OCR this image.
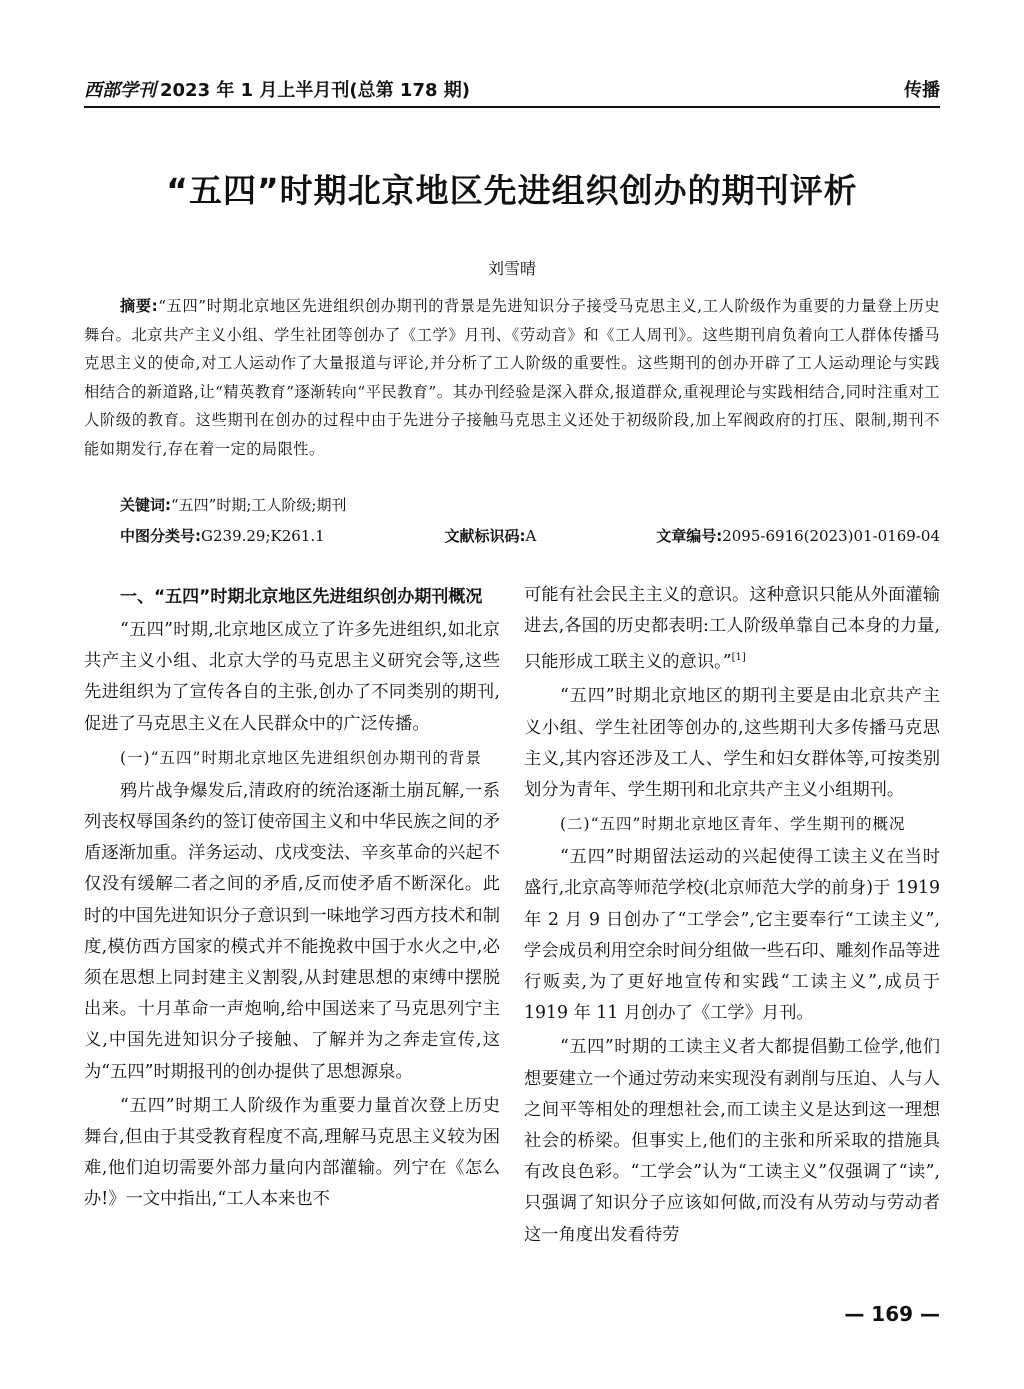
西部学刊 2023 年 1 月上半月刊(总第 178 期)	传播
“五四”时期北京地区先进组织创办的期刊评析
刘雪晴
摘要:“五四”时期北京地区先进组织创办期刊的背景是先进知识分子接受马克思主义,工人阶级作为重要的力量登上历史舞台。北京共产主义小组、学生社团等创办了《工学》月刊、《劳动音》和《工人周刊》。这些期刊肩负着向工人群体传播马克思主义的使命,对工人运动作了大量报道与评论,并分析了工人阶级的重要性。这些期刊的创办开辟了工人运动理论与实践相结合的新道路,让“精英教育”逐渐转向“平民教育”。其办刊经验是深入群众,报道群众,重视理论与实践相结合,同时注重对工人阶级的教育。这些期刊在创办的过程中由于先进分子接触马克思主义还处于初级阶段,加上军阀政府的打压、限制,期刊不能如期发行,存在着一定的局限性。
关键词:“五四”时期;工人阶级;期刊
中图分类号:G239.29;K261.1	文献标识码:A	文章编号:2095-6916(2023)01-0169-04
一、“五四”时期北京地区先进组织创办期刊概况

“五四”时期,北京地区成立了许多先进组织,如北京共产主义小组、北京大学的马克思主义研究会等,这些先进组织为了宣传各自的主张,创办了不同类别的期刊,促进了马克思主义在人民群众中的广泛传播。

(一)“五四”时期北京地区先进组织创办期刊的背景

鸦片战争爆发后,清政府的统治逐渐土崩瓦解,一系列丧权辱国条约的签订使帝国主义和中华民族之间的矛盾逐渐加重。洋务运动、戊戌变法、辛亥革命的兴起不仅没有缓解二者之间的矛盾,反而使矛盾不断深化。此时的中国先进知识分子意识到一味地学习西方技术和制度,模仿西方国家的模式并不能挽救中国于水火之中,必须在思想上同封建主义割裂,从封建思想的束缚中摆脱出来。十月革命一声炮响,给中国送来了马克思列宁主义,中国先进知识分子接触、了解并为之奔走宣传,这为“五四”时期报刊的创办提供了思想源泉。

“五四”时期工人阶级作为重要力量首次登上历史舞台,但由于其受教育程度不高,理解马克思主义较为困难,他们迫切需要外部力量向内部灌输。列宁在《怎么办!》一文中指出,“工人本来也不

可能有社会民主主义的意识。这种意识只能从外面灌输进去,各国的历史都表明:工人阶级单靠自己本身的力量,只能形成工联主义的意识。”[1]

“五四”时期北京地区的期刊主要是由北京共产主义小组、学生社团等创办的,这些期刊大多传播马克思主义,其内容还涉及工人、学生和妇女群体等,可按类别划分为青年、学生期刊和北京共产主义小组期刊。

(二)“五四”时期北京地区青年、学生期刊的概况

“五四”时期留法运动的兴起使得工读主义在当时盛行,北京高等师范学校(北京师范大学的前身)于 1919 年 2 月 9 日创办了“工学会”,它主要奉行“工读主义”,学会成员利用空余时间分组做一些石印、雕刻作品等进行贩卖,为了更好地宣传和实践“工读主义”,成员于 1919 年 11 月创办了《工学》月刊。

“五四”时期的工读主义者大都提倡勤工俭学,他们想要建立一个通过劳动来实现没有剥削与压迫、人与人之间平等相处的理想社会,而工读主义是达到这一理想社会的桥梁。但事实上,他们的主张和所采取的措施具有改良色彩。“工学会”认为“工读主义”仅强调了“读”,只强调了知识分子应该如何做,而没有从劳动与劳动者这一角度出发看待劳

— 169 —
